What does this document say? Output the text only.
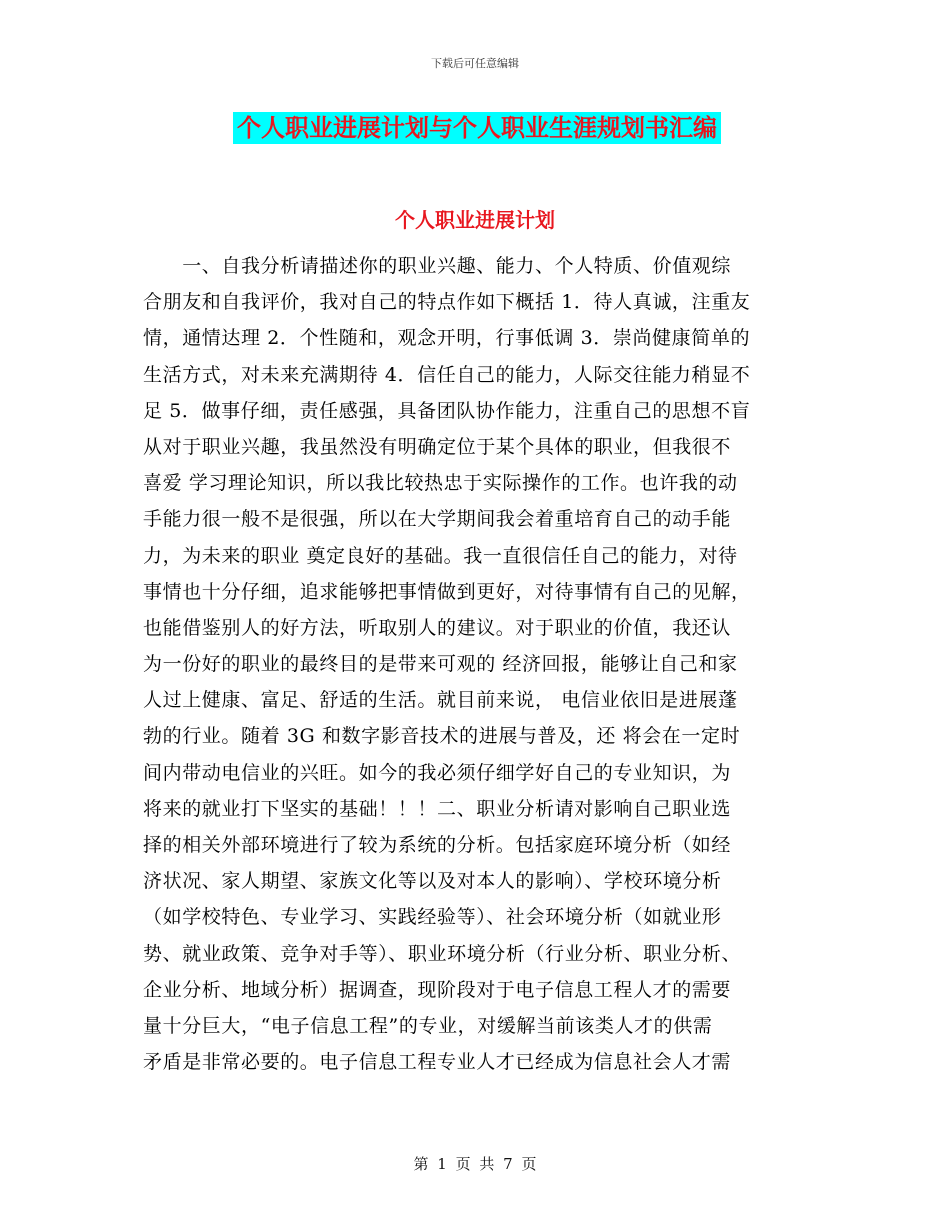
下载后可任意编辑
个人职业进展计划与个人职业生涯规划书汇编
个人职业进展计划
　　一、自我分析请描述你的职业兴趣、能力、个人特质、价值观综
合朋友和自我评价，我对自己的特点作如下概括 1．待人真诚，注重友
情，通情达理 2．个性随和，观念开明，行事低调 3．崇尚健康简单的
生活方式，对未来充满期待 4．信任自己的能力，人际交往能力稍显不
足 5．做事仔细，责任感强，具备团队协作能力，注重自己的思想不盲
从对于职业兴趣，我虽然没有明确定位于某个具体的职业，但我很不
喜爱 学习理论知识，所以我比较热忠于实际操作的工作。也许我的动
手能力很一般不是很强，所以在大学期间我会着重培育自己的动手能
力，为未来的职业 奠定良好的基础。我一直很信任自己的能力，对待
事情也十分仔细，追求能够把事情做到更好，对待事情有自己的见解，
也能借鉴别人的好方法，听取别人的建议。对于职业的价值，我还认
为一份好的职业的最终目的是带来可观的 经济回报，能够让自己和家
人过上健康、富足、舒适的生活。就目前来说， 电信业依旧是进展蓬
勃的行业。随着 3G 和数字影音技术的进展与普及，还 将会在一定时
间内带动电信业的兴旺。如今的我必须仔细学好自己的专业知识，为
将来的就业打下坚实的基础！！！二、职业分析请对影响自己职业选
择的相关外部环境进行了较为系统的分析。包括家庭环境分析（如经
济状况、家人期望、家族文化等以及对本人的影响）、学校环境分析
（如学校特色、专业学习、实践经验等）、社会环境分析（如就业形
势、就业政策、竞争对手等）、职业环境分析（行业分析、职业分析、
企业分析、地域分析）据调查，现阶段对于电子信息工程人才的需要
量十分巨大，“电子信息工程”的专业，对缓解当前该类人才的供需
矛盾是非常必要的。电子信息工程专业人才已经成为信息社会人才需
第 1 页 共 7 页
